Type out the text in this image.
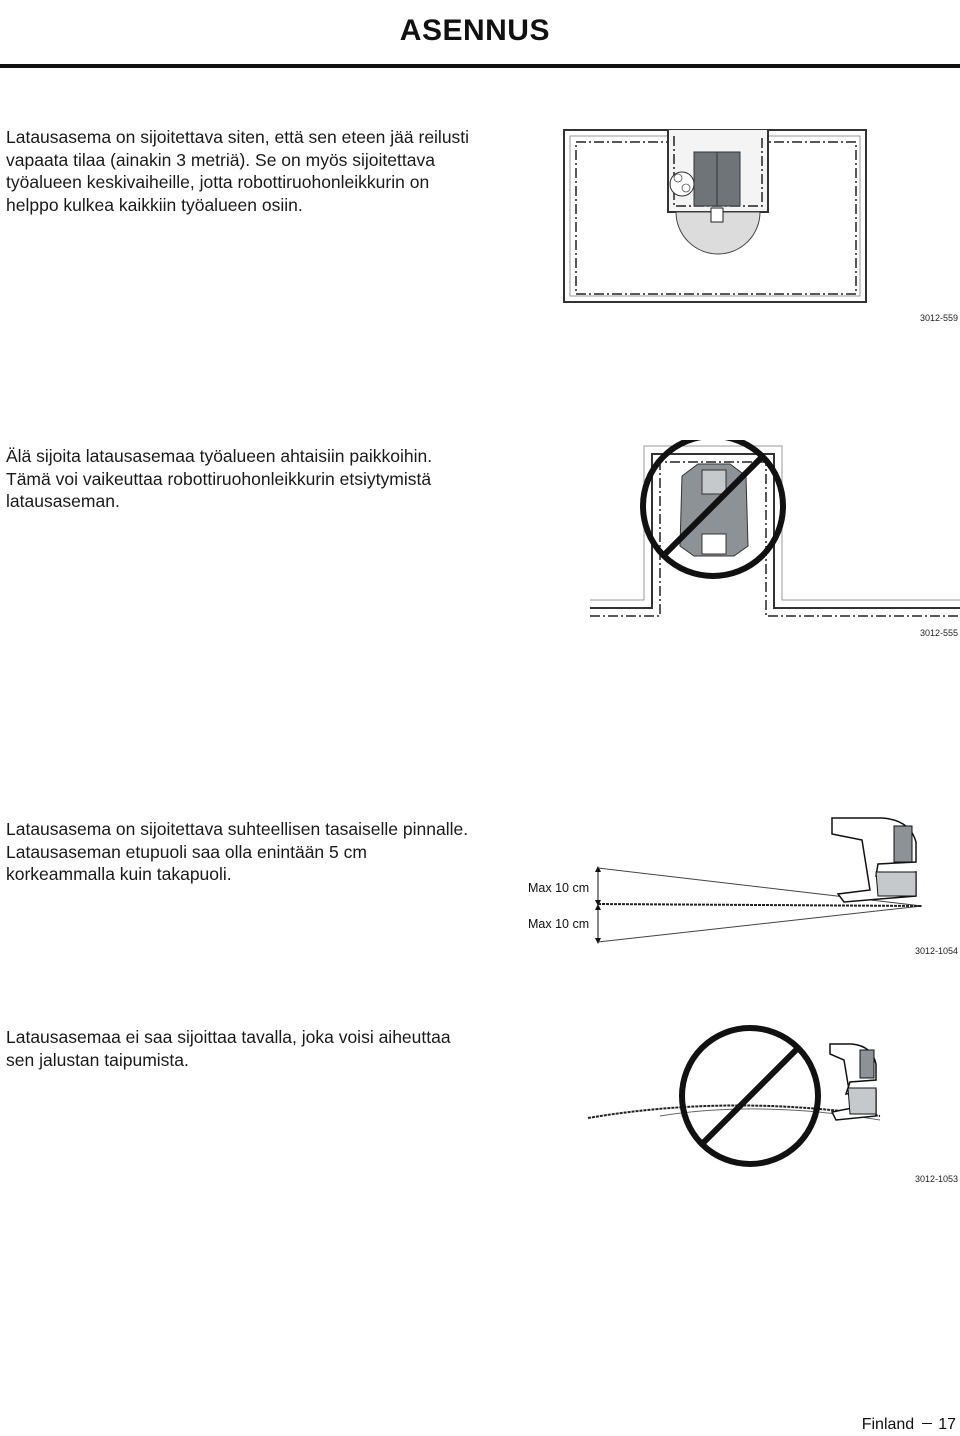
ASENNUS

Latausasema on sijoitettava siten, että sen eteen jää reilusti vapaata tilaa (ainakin 3 metriä). Se on myös sijoitettava työalueen keskivaiheille, jotta robottiruohonleikkurin on helppo kulkea kaikkiin työalueen osiin.

3012-559

Älä sijoita latausasemaa työalueen ahtaisiin paikkoihin. Tämä voi vaikeuttaa robottiruohonleikkurin etsiytymistä latausaseman.

3012-555

Latausasema on sijoitettava suhteellisen tasaiselle pinnalle. Latausaseman etupuoli saa olla enintään 5 cm korkeammalla kuin takapuoli.

Max 10 cm
Max 10 cm
3012-1054

Latausasemaa ei saa sijoittaa tavalla, joka voisi aiheuttaa sen jalustan taipumista.

3012-1053
Finland 17
